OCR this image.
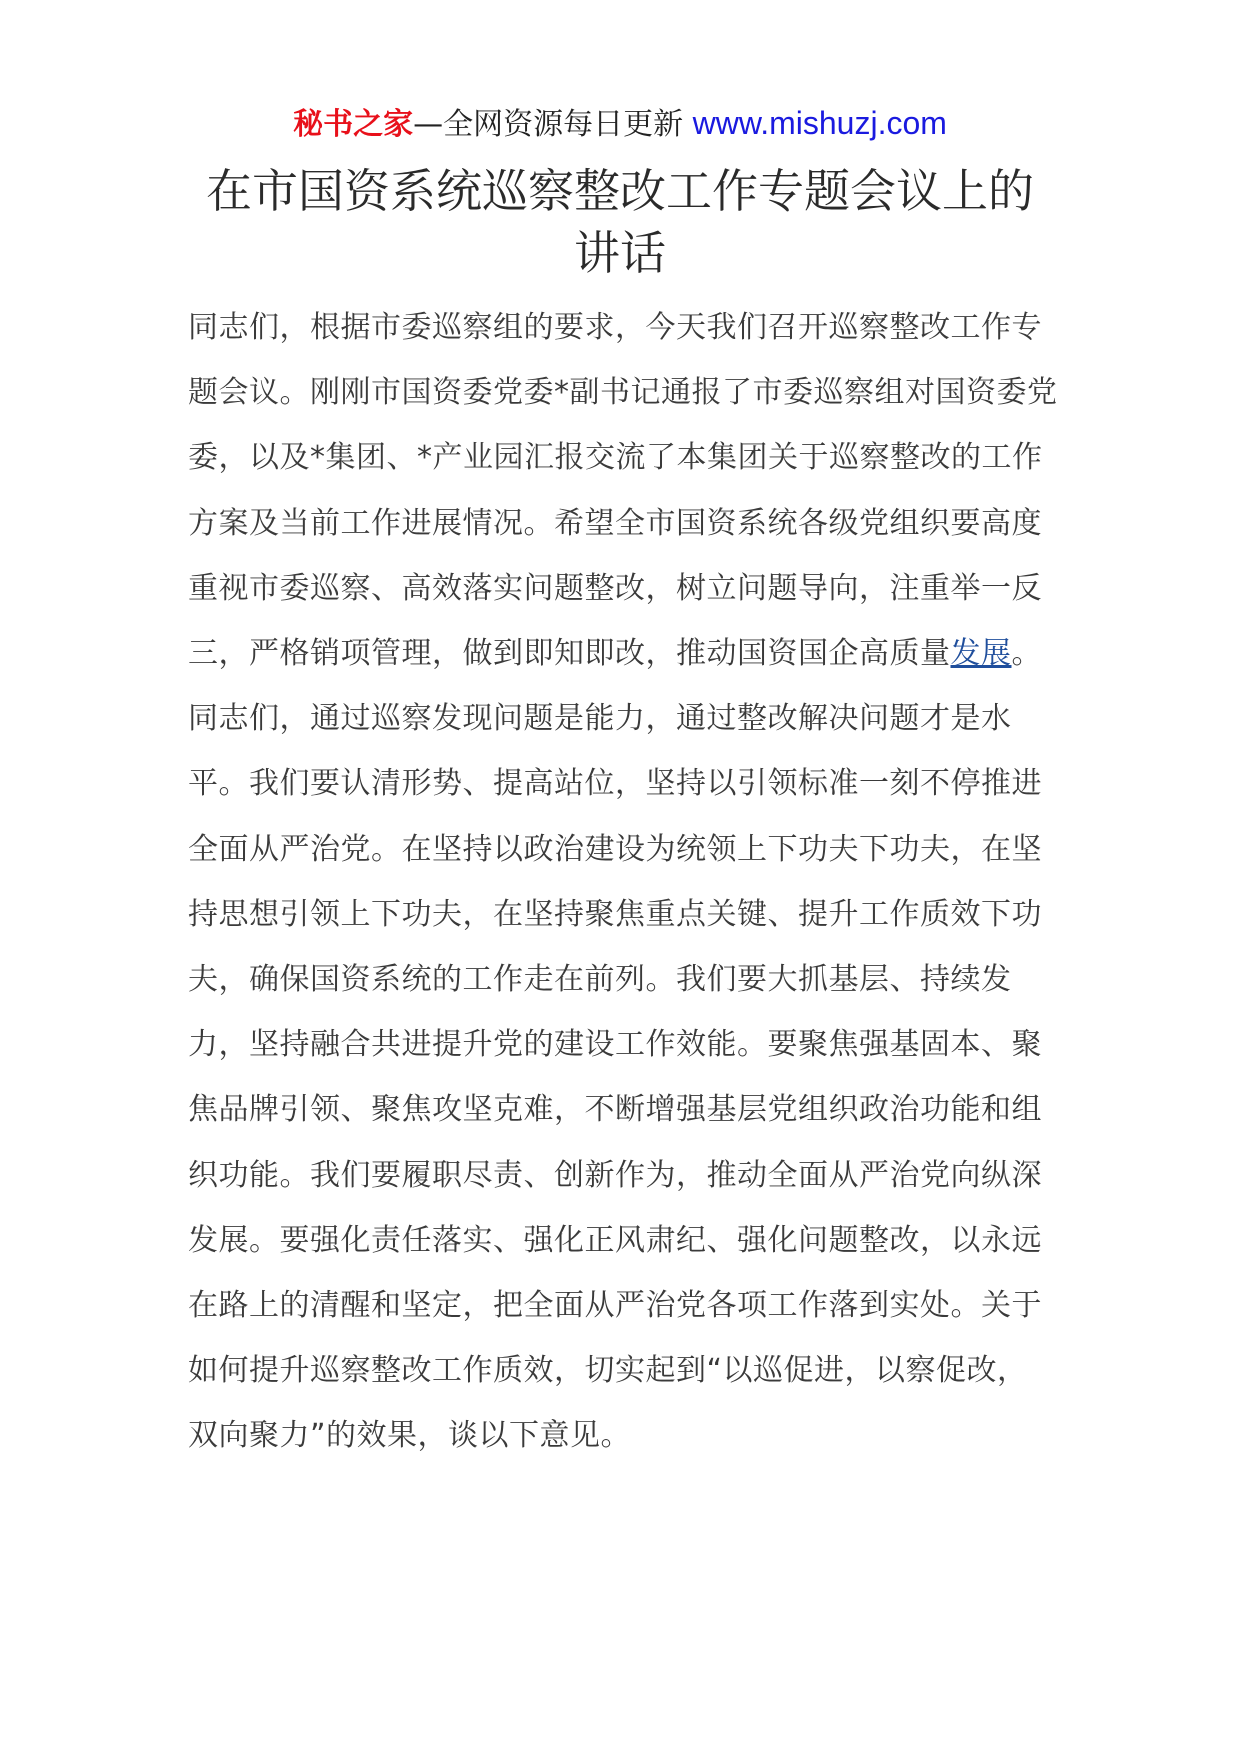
秘书之家—全网资源每日更新 www.mishuzj.com
在市国资系统巡察整改工作专题会议上的讲话

同志们，根据市委巡察组的要求，今天我们召开巡察整改工作专题会议。刚刚市国资委党委*副书记通报了市委巡察组对国资委党委，以及*集团、*产业园汇报交流了本集团关于巡察整改的工作方案及当前工作进展情况。希望全市国资系统各级党组织要高度重视市委巡察、高效落实问题整改，树立问题导向，注重举一反三，严格销项管理，做到即知即改，推动国资国企高质量发展。同志们，通过巡察发现问题是能力，通过整改解决问题才是水平。我们要认清形势、提高站位，坚持以引领标准一刻不停推进全面从严治党。在坚持以政治建设为统领上下功夫下功夫，在坚持思想引领上下功夫，在坚持聚焦重点关键、提升工作质效下功夫，确保国资系统的工作走在前列。我们要大抓基层、持续发力，坚持融合共进提升党的建设工作效能。要聚焦强基固本、聚焦品牌引领、聚焦攻坚克难，不断增强基层党组织政治功能和组织功能。我们要履职尽责、创新作为，推动全面从严治党向纵深发展。要强化责任落实、强化正风肃纪、强化问题整改，以永远在路上的清醒和坚定，把全面从严治党各项工作落到实处。关于如何提升巡察整改工作质效，切实起到“以巡促进，以察促改，双向聚力”的效果，谈以下意见。
